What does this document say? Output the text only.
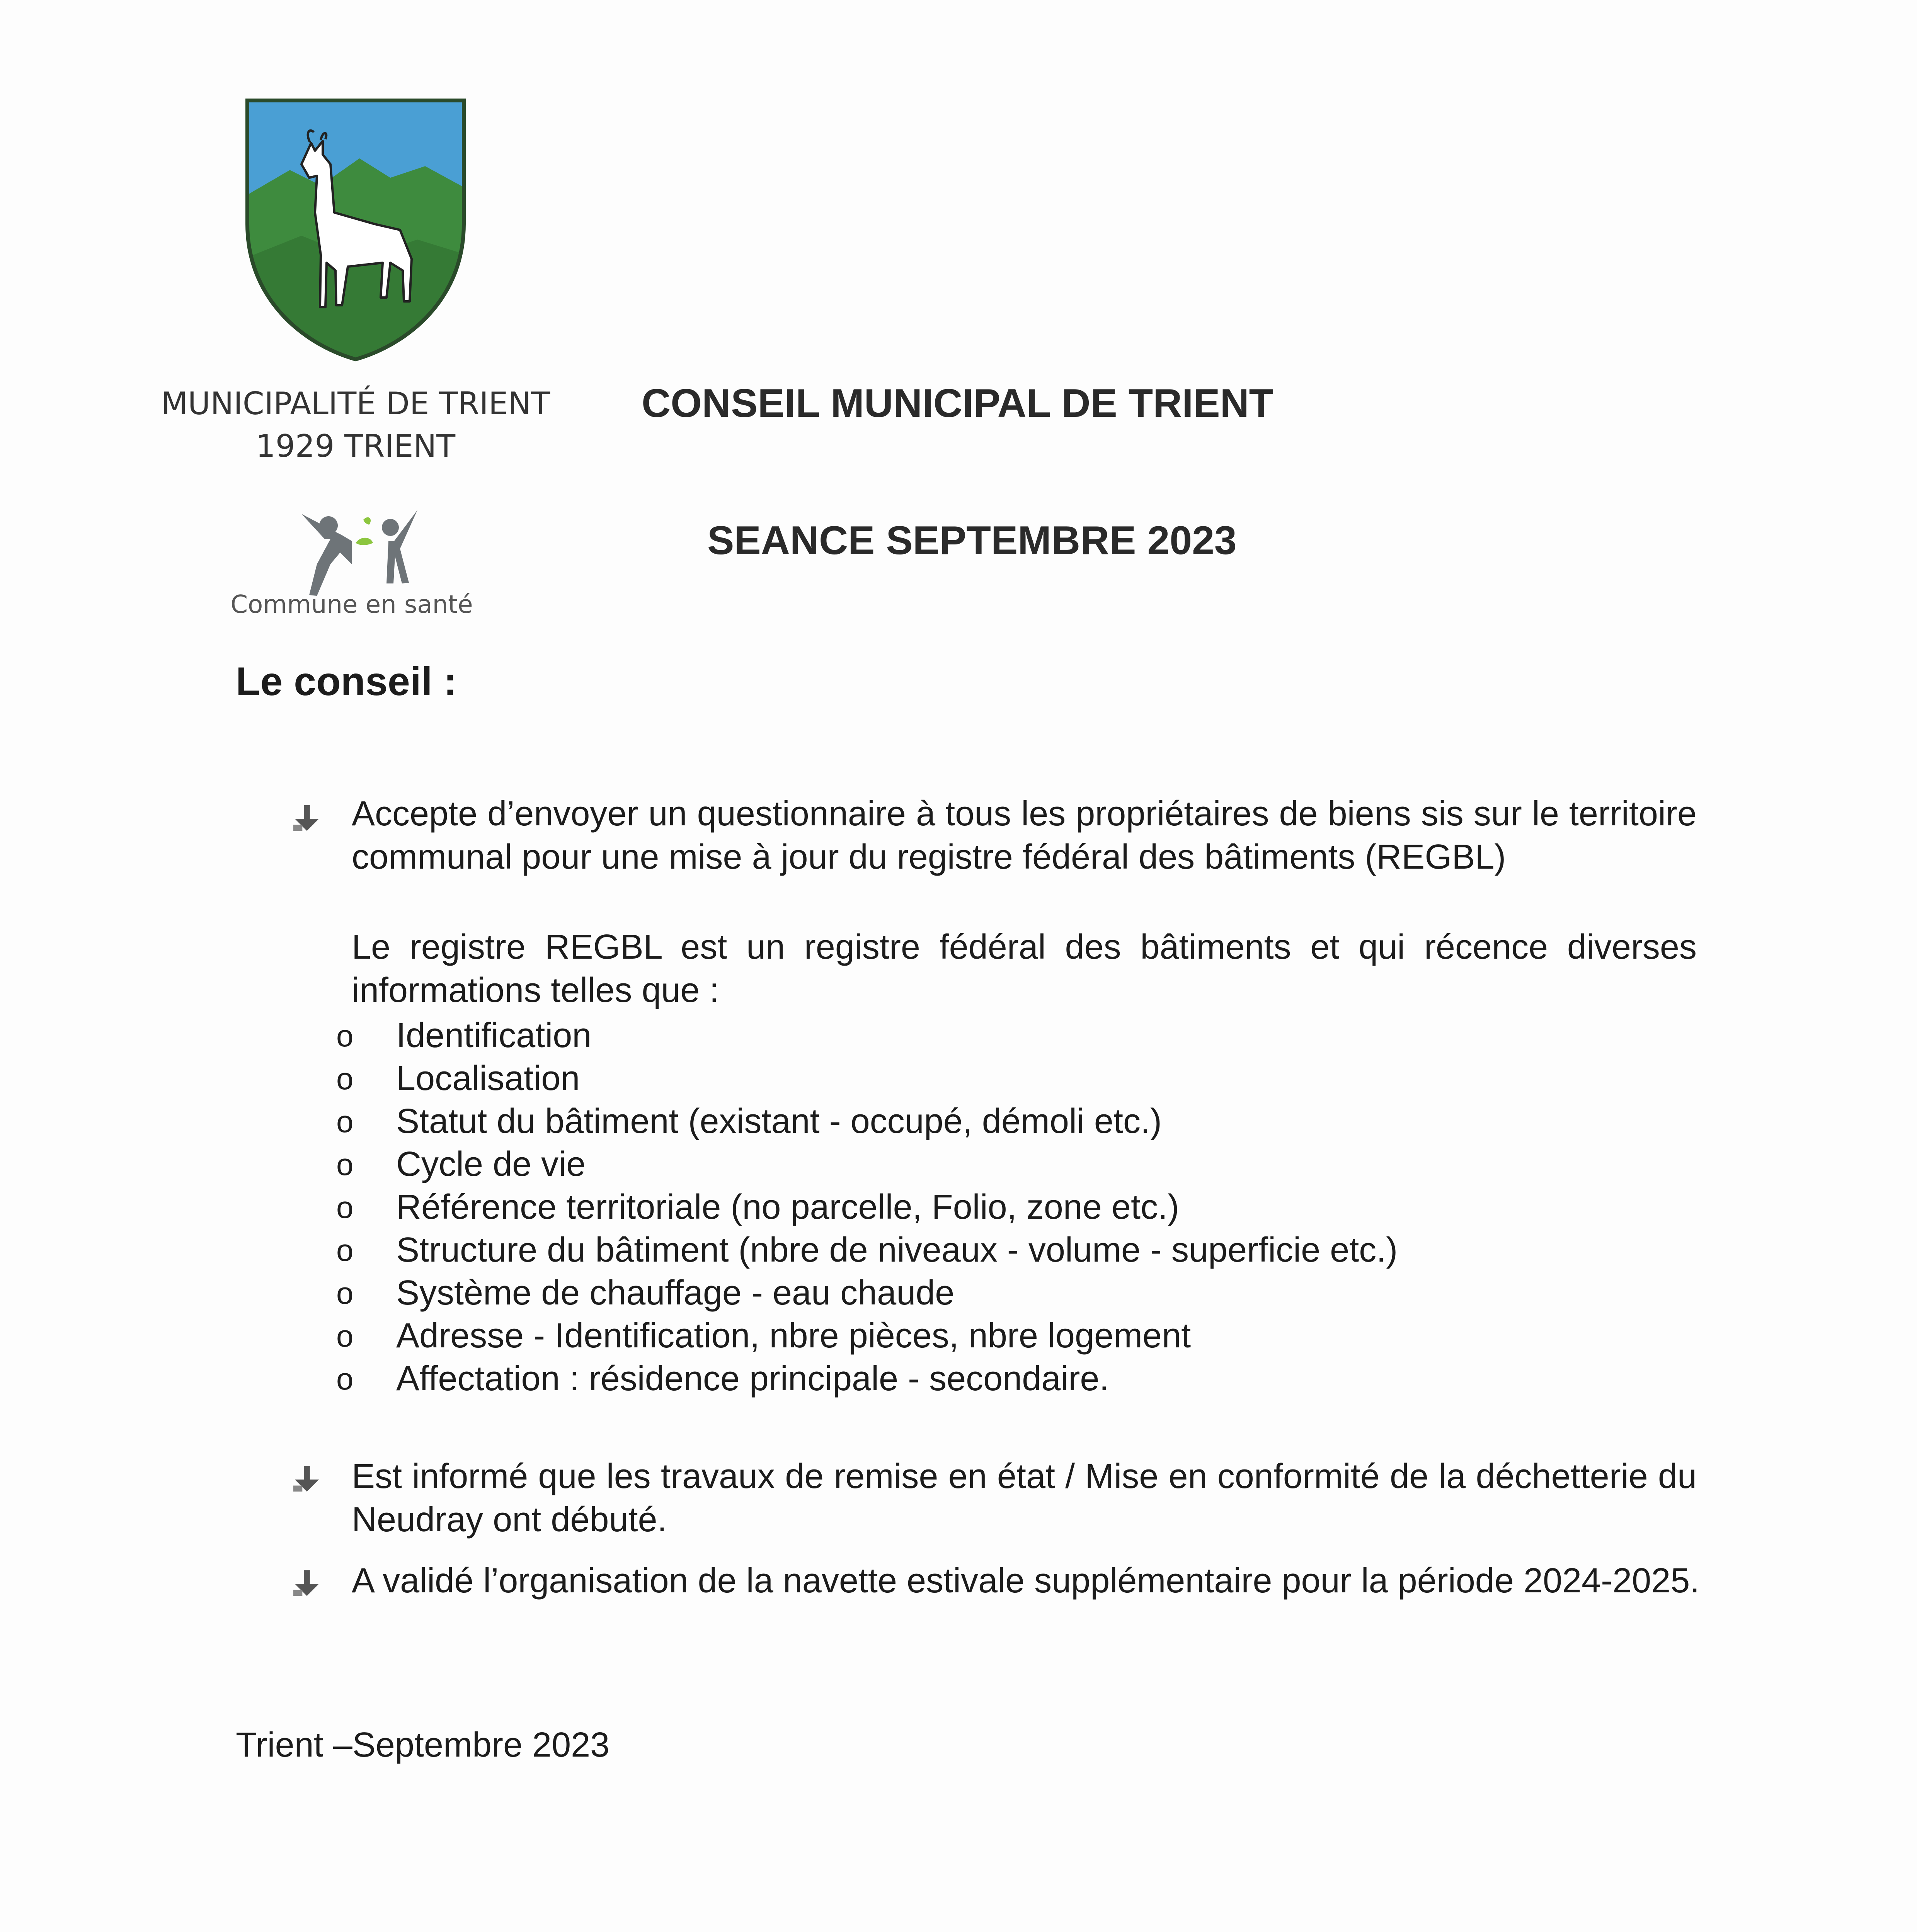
MUNICIPALITÉ DE TRIENT
1929 TRIENT
Commune en santé
CONSEIL MUNICIPAL DE TRIENT
SEANCE SEPTEMBRE 2023
Le conseil :
Accepte d’envoyer un questionnaire à tous les propriétaires de biens sis sur le territoire communal pour une mise à jour du registre fédéral des bâtiments (REGBL)
Le registre REGBL est un registre fédéral des bâtiments et qui récence diverses informations telles que :
o Identification
o Localisation
o Statut du bâtiment (existant - occupé, démoli etc.)
o Cycle de vie
o Référence territoriale (no parcelle, Folio, zone etc.)
o Structure du bâtiment (nbre de niveaux - volume - superficie etc.)
o Système de chauffage - eau chaude
o Adresse - Identification, nbre pièces, nbre logement
o Affectation : résidence principale - secondaire.
Est informé que les travaux de remise en état / Mise en conformité de la déchetterie du Neudray ont débuté.
A validé l’organisation de la navette estivale supplémentaire pour la période 2024-2025.
Trient –Septembre 2023
